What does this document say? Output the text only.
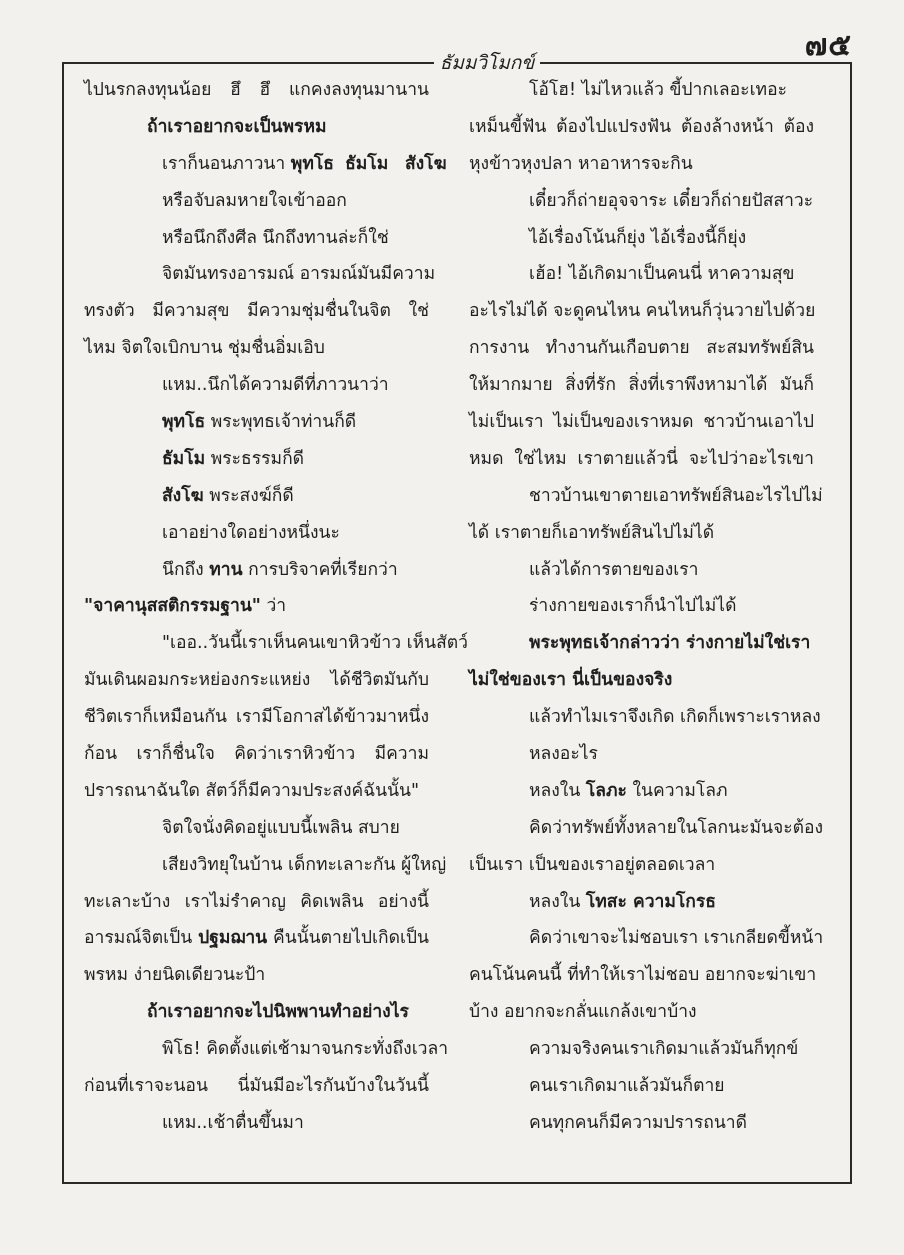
๗๕
ธัมมวิโมกข์
ไปนรกลงทุนน้อย ฮึ ฮึ แกคงลงทุนมานาน
ถ้าเราอยากจะเป็นพรหม
เราก็นอนภาวนา พุทโธ ธัมโม สังโฆ
หรือจับลมหายใจเข้าออก
หรือนึกถึงศีล นึกถึงทานล่ะก็ใช่
จิตมันทรงอารมณ์ อารมณ์มันมีความ
ทรงตัว มีความสุข มีความชุ่มชื่นในจิต ใช่
ไหม จิตใจเบิกบาน ชุ่มชื่นอิ่มเอิบ
แหม..นึกได้ความดีที่ภาวนาว่า
พุทโธ พระพุทธเจ้าท่านก็ดี
ธัมโม พระธรรมก็ดี
สังโฆ พระสงฆ์ก็ดี
เอาอย่างใดอย่างหนึ่งนะ
นึกถึง ทาน การบริจาคที่เรียกว่า
"จาคานุสสติกรรมฐาน" ว่า
"เออ..วันนี้เราเห็นคนเขาหิวข้าว เห็นสัตว์
มันเดินผอมกระหย่องกระแหย่ง ได้ชีวิตมันกับ
ชีวิตเราก็เหมือนกัน เรามีโอกาสได้ข้าวมาหนึ่ง
ก้อน เราก็ชื่นใจ คิดว่าเราหิวข้าว มีความ
ปรารถนาฉันใด สัตว์ก็มีความประสงค์ฉันนั้น"
จิตใจนั่งคิดอยู่แบบนี้เพลิน สบาย
เสียงวิทยุในบ้าน เด็กทะเลาะกัน ผู้ใหญ่
ทะเลาะบ้าง เราไม่รำคาญ คิดเพลิน อย่างนี้
อารมณ์จิตเป็น ปฐมฌาน คืนนั้นตายไปเกิดเป็น
พรหม ง่ายนิดเดียวนะป้า
ถ้าเราอยากจะไปนิพพานทำอย่างไร
พิโธ! คิดตั้งแต่เช้ามาจนกระทั่งถึงเวลา
ก่อนที่เราจะนอน นี่มันมีอะไรกันบ้างในวันนี้
แหม..เช้าตื่นขึ้นมา
โอ้โฮ! ไม่ไหวแล้ว ขี้ปากเลอะเทอะ
เหม็นขี้ฟัน ต้องไปแปรงฟัน ต้องล้างหน้า ต้อง
หุงข้าวหุงปลา หาอาหารจะกิน
เดี๋ยวก็ถ่ายอุจจาระ เดี๋ยวก็ถ่ายปัสสาวะ
ไอ้เรื่องโน้นก็ยุ่ง ไอ้เรื่องนี้ก็ยุ่ง
เฮ้อ! ไอ้เกิดมาเป็นคนนี่ หาความสุข
อะไรไม่ได้ จะดูคนไหน คนไหนก็วุ่นวายไปด้วย
การงาน ทำงานกันเกือบตาย สะสมทรัพย์สิน
ให้มากมาย สิ่งที่รัก สิ่งที่เราพึงหามาได้ มันก็
ไม่เป็นเรา ไม่เป็นของเราหมด ชาวบ้านเอาไป
หมด ใช่ไหม เราตายแล้วนี่ จะไปว่าอะไรเขา
ชาวบ้านเขาตายเอาทรัพย์สินอะไรไปไม่
ได้ เราตายก็เอาทรัพย์สินไปไม่ได้
แล้วได้การตายของเรา
ร่างกายของเราก็นำไปไม่ได้
พระพุทธเจ้ากล่าวว่า ร่างกายไม่ใช่เรา
ไม่ใช่ของเรา นี่เป็นของจริง
แล้วทำไมเราจึงเกิด เกิดก็เพราะเราหลง
หลงอะไร
หลงใน โลภะ ในความโลภ
คิดว่าทรัพย์ทั้งหลายในโลกนะมันจะต้อง
เป็นเรา เป็นของเราอยู่ตลอดเวลา
หลงใน โทสะ ความโกรธ
คิดว่าเขาจะไม่ชอบเรา เราเกลียดขี้หน้า
คนโน้นคนนี้ ที่ทำให้เราไม่ชอบ อยากจะฆ่าเขา
บ้าง อยากจะกลั่นแกล้งเขาบ้าง
ความจริงคนเราเกิดมาแล้วมันก็ทุกข์
คนเราเกิดมาแล้วมันก็ตาย
คนทุกคนก็มีความปรารถนาดี
